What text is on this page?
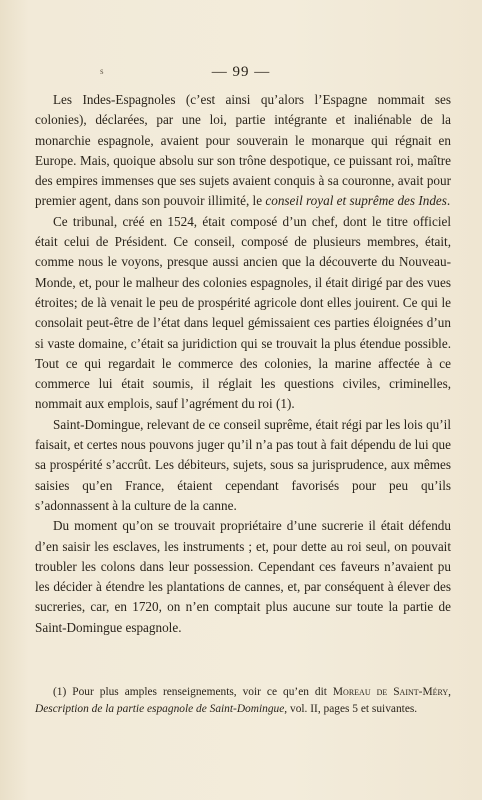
s	— 99 —

Les Indes-Espagnoles (c’est ainsi qu’alors l’Espagne nommait ses colonies), déclarées, par une loi, partie intégrante et inaliénable de la monarchie espagnole, avaient pour souverain le monarque qui régnait en Europe. Mais, quoique absolu sur son trône despotique, ce puissant roi, maître des empires immenses que ses sujets avaient conquis à sa couronne, avait pour premier agent, dans son pouvoir illimité, le conseil royal et suprême des Indes.

Ce tribunal, créé en 1524, était composé d’un chef, dont le titre officiel était celui de Président. Ce conseil, composé de plusieurs membres, était, comme nous le voyons, presque aussi ancien que la découverte du Nouveau-Monde, et, pour le malheur des colonies espagnoles, il était dirigé par des vues étroites; de là venait le peu de prospérité agricole dont elles jouirent. Ce qui le consolait peut-être de l’état dans lequel gémissaient ces parties éloignées d’un si vaste domaine, c’était sa juridiction qui se trouvait la plus étendue possible. Tout ce qui regardait le commerce des colonies, la marine affectée à ce commerce lui était soumis, il réglait les questions civiles, criminelles, nommait aux emplois, sauf l’agrément du roi (1).

Saint-Domingue, relevant de ce conseil suprême, était régi par les lois qu’il faisait, et certes nous pouvons juger qu’il n’a pas tout à fait dépendu de lui que sa prospérité s’accrût. Les débiteurs, sujets, sous sa jurisprudence, aux mêmes saisies qu’en France, étaient cependant favorisés pour peu qu’ils s’adonnassent à la culture de la canne.

Du moment qu’on se trouvait propriétaire d’une sucrerie il était défendu d’en saisir les esclaves, les instruments ; et, pour dette au roi seul, on pouvait troubler les colons dans leur possession. Cependant ces faveurs n’avaient pu les décider à étendre les plantations de cannes, et, par conséquent à élever des sucreries, car, en 1720, on n’en comptait plus aucune sur toute la partie de Saint-Domingue espagnole.

(1) Pour plus amples renseignements, voir ce qu’en dit Moreau de Saint-Méry, Description de la partie espagnole de Saint-Domingue, vol. II, pages 5 et suivantes.
